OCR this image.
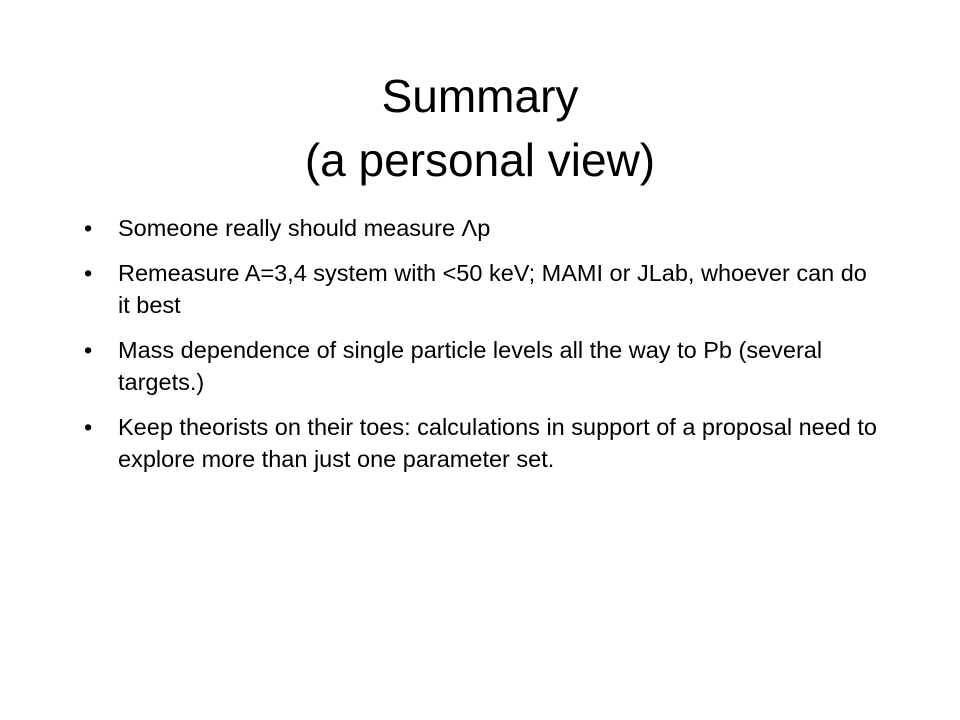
Summary
(a personal view)
•	Someone really should measure Λp
•	Remeasure A=3,4 system with <50 keV; MAMI or JLab, whoever can do it best
•	Mass dependence of single particle levels all the way to Pb (several targets.)
•	Keep theorists on their toes: calculations in support of a proposal need to explore more than just one parameter set.
